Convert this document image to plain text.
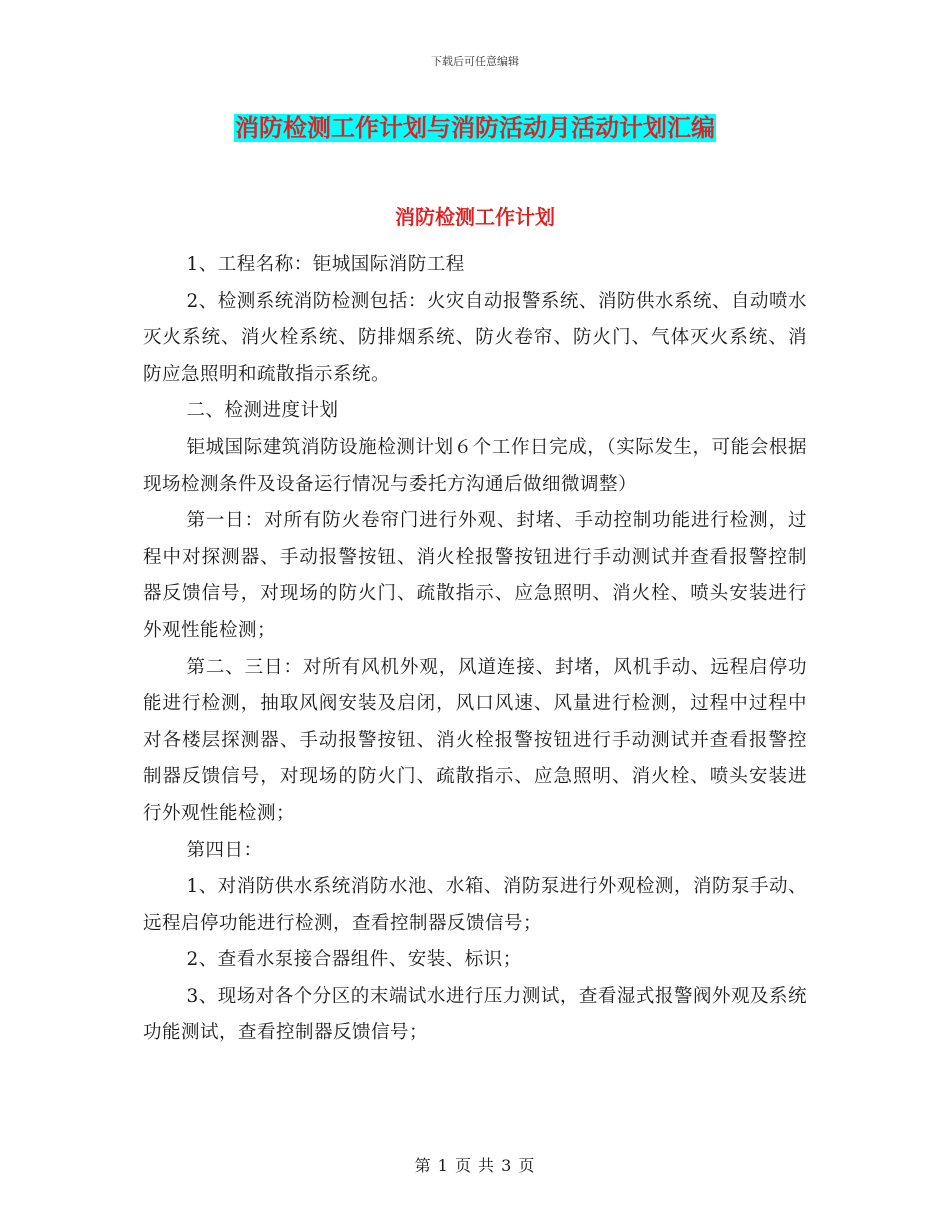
下载后可任意编辑
消防检测工作计划与消防活动月活动计划汇编
消防检测工作计划

1、工程名称：钜城国际消防工程

2、检测系统消防检测包括：火灾自动报警系统、消防供水系统、自动喷水灭火系统、消火栓系统、防排烟系统、防火卷帘、防火门、气体灭火系统、消防应急照明和疏散指示系统。

二、检测进度计划

钜城国际建筑消防设施检测计划６个工作日完成，（实际发生，可能会根据现场检测条件及设备运行情况与委托方沟通后做细微调整）

第一日：对所有防火卷帘门进行外观、封堵、手动控制功能进行检测，过程中对探测器、手动报警按钮、消火栓报警按钮进行手动测试并查看报警控制器反馈信号，对现场的防火门、疏散指示、应急照明、消火栓、喷头安装进行外观性能检测；

第二、三日：对所有风机外观，风道连接、封堵，风机手动、远程启停功能进行检测，抽取风阀安装及启闭，风口风速、风量进行检测，过程中过程中对各楼层探测器、手动报警按钮、消火栓报警按钮进行手动测试并查看报警控制器反馈信号，对现场的防火门、疏散指示、应急照明、消火栓、喷头安装进行外观性能检测；

第四日：

1、对消防供水系统消防水池、水箱、消防泵进行外观检测，消防泵手动、远程启停功能进行检测，查看控制器反馈信号；

2、查看水泵接合器组件、安装、标识；

3、现场对各个分区的末端试水进行压力测试，查看湿式报警阀外观及系统功能测试，查看控制器反馈信号；

第 1 页 共 3 页
